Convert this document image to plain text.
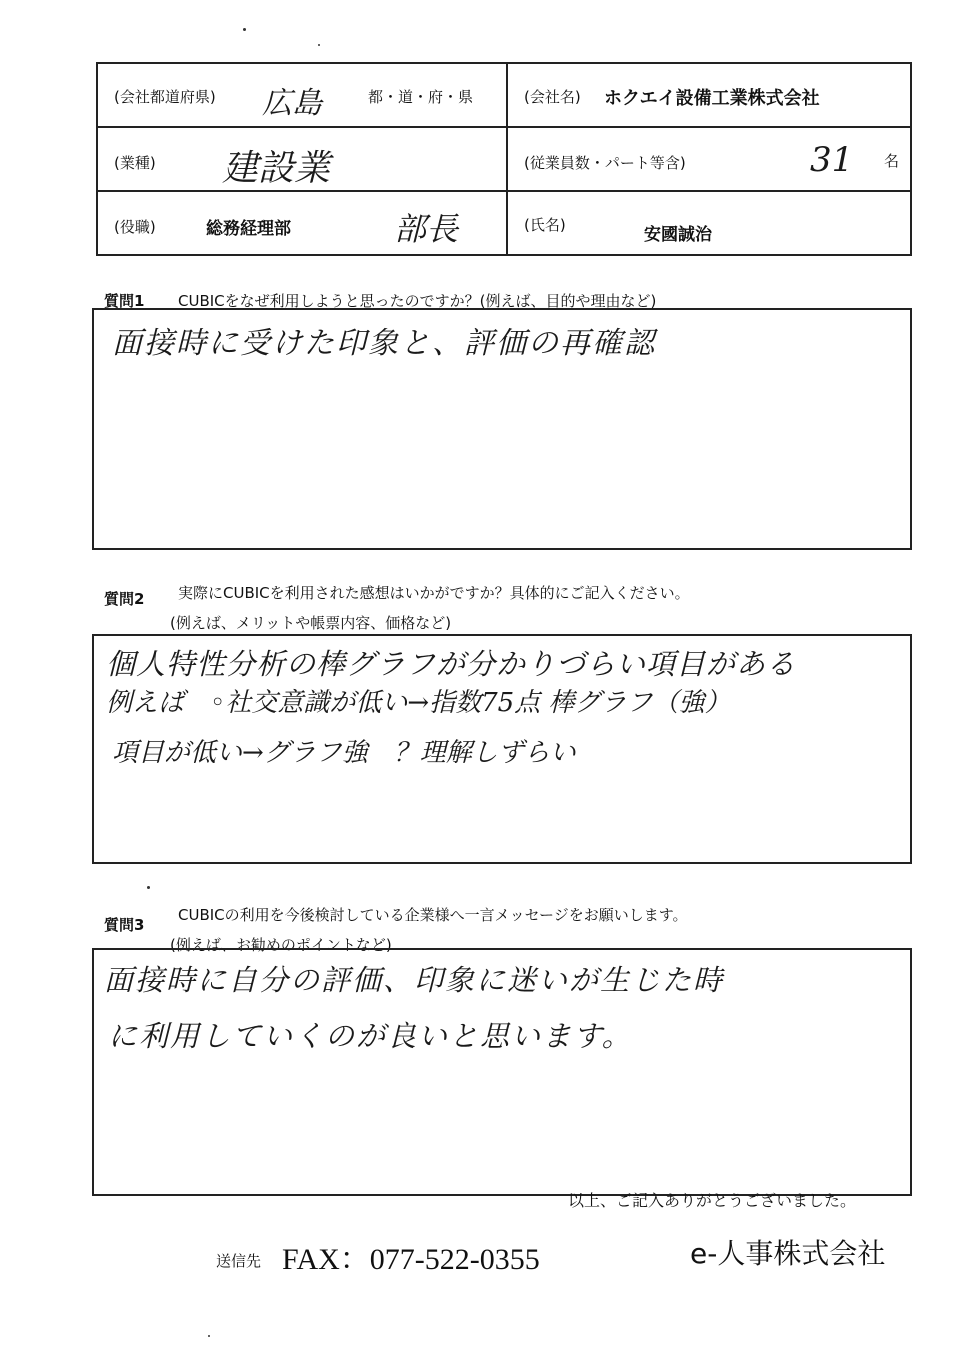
(会社都道府県) 広島	都・道・府・県	(会社名) ホクエイ設備工業株式会社
(業種) 建設業	(従業員数・パート等含)	31 名
(役職)	総務経理部	部長	(氏名)	安國誠治
質問1 CUBICをなぜ利用しようと思ったのですか？(例えば、目的や理由など)
面接時に受けた印象と、評価の再確認
質問2 実際にCUBICを利用された感想はいかがですか？具体的にご記入ください。
(例えば、メリットや帳票内容、価格など)
個人特性分析の棒グラフが分かりづらい項目がある
例えば　◦社交意識が低い→指数75点 棒グラフ（強）
項目が低い→グラフ強　？理解しずらい
質問3
CUBICの利用を今後検討している企業様へ一言メッセージをお願いします。
(例えば、お勧めのポイントなど)
面接時に自分の評価、印象に迷いが生じた時
に利用していくのが良いと思います。
以上、ご記入ありがとうございました。
送信先 FAX：077-522-0355	e-人事株式会社
